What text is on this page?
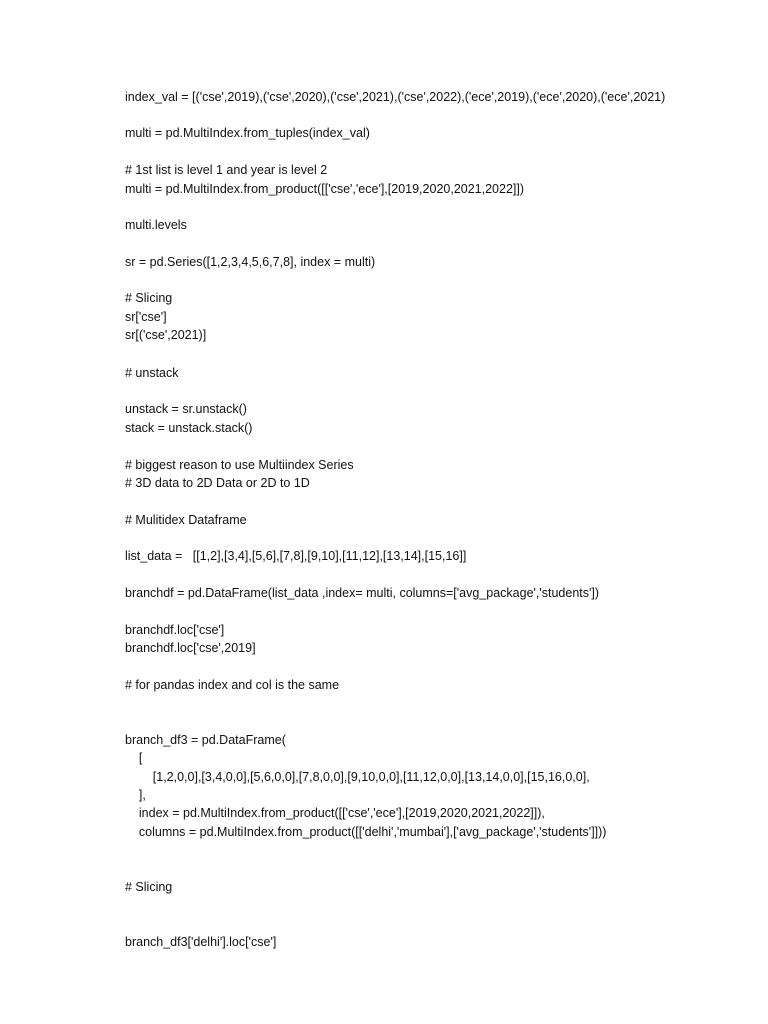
index_val = [('cse',2019),('cse',2020),('cse',2021),('cse',2022),('ece',2019),('ece',2020),('ece',2021)
multi = pd.MultiIndex.from_tuples(index_val)
# 1st list is level 1 and year is level 2
multi = pd.MultiIndex.from_product([['cse','ece'],[2019,2020,2021,2022]])
multi.levels
sr = pd.Series([1,2,3,4,5,6,7,8], index = multi)
# Slicing
sr['cse']
sr[('cse',2021)]
# unstack
unstack = sr.unstack()
stack = unstack.stack()
# biggest reason to use Multiindex Series
# 3D data to 2D Data or 2D to 1D
# Mulitidex Dataframe
list_data =   [[1,2],[3,4],[5,6],[7,8],[9,10],[11,12],[13,14],[15,16]]
branchdf = pd.DataFrame(list_data ,index= multi, columns=['avg_package','students'])
branchdf.loc['cse']
branchdf.loc['cse',2019]
# for pandas index and col is the same
branch_df3 = pd.DataFrame(
[
[1,2,0,0],[3,4,0,0],[5,6,0,0],[7,8,0,0],[9,10,0,0],[11,12,0,0],[13,14,0,0],[15,16,0,0],
],
index = pd.MultiIndex.from_product([['cse','ece'],[2019,2020,2021,2022]]),
columns = pd.MultiIndex.from_product([['delhi','mumbai'],['avg_package','students']]))
# Slicing
branch_df3['delhi'].loc['cse']
